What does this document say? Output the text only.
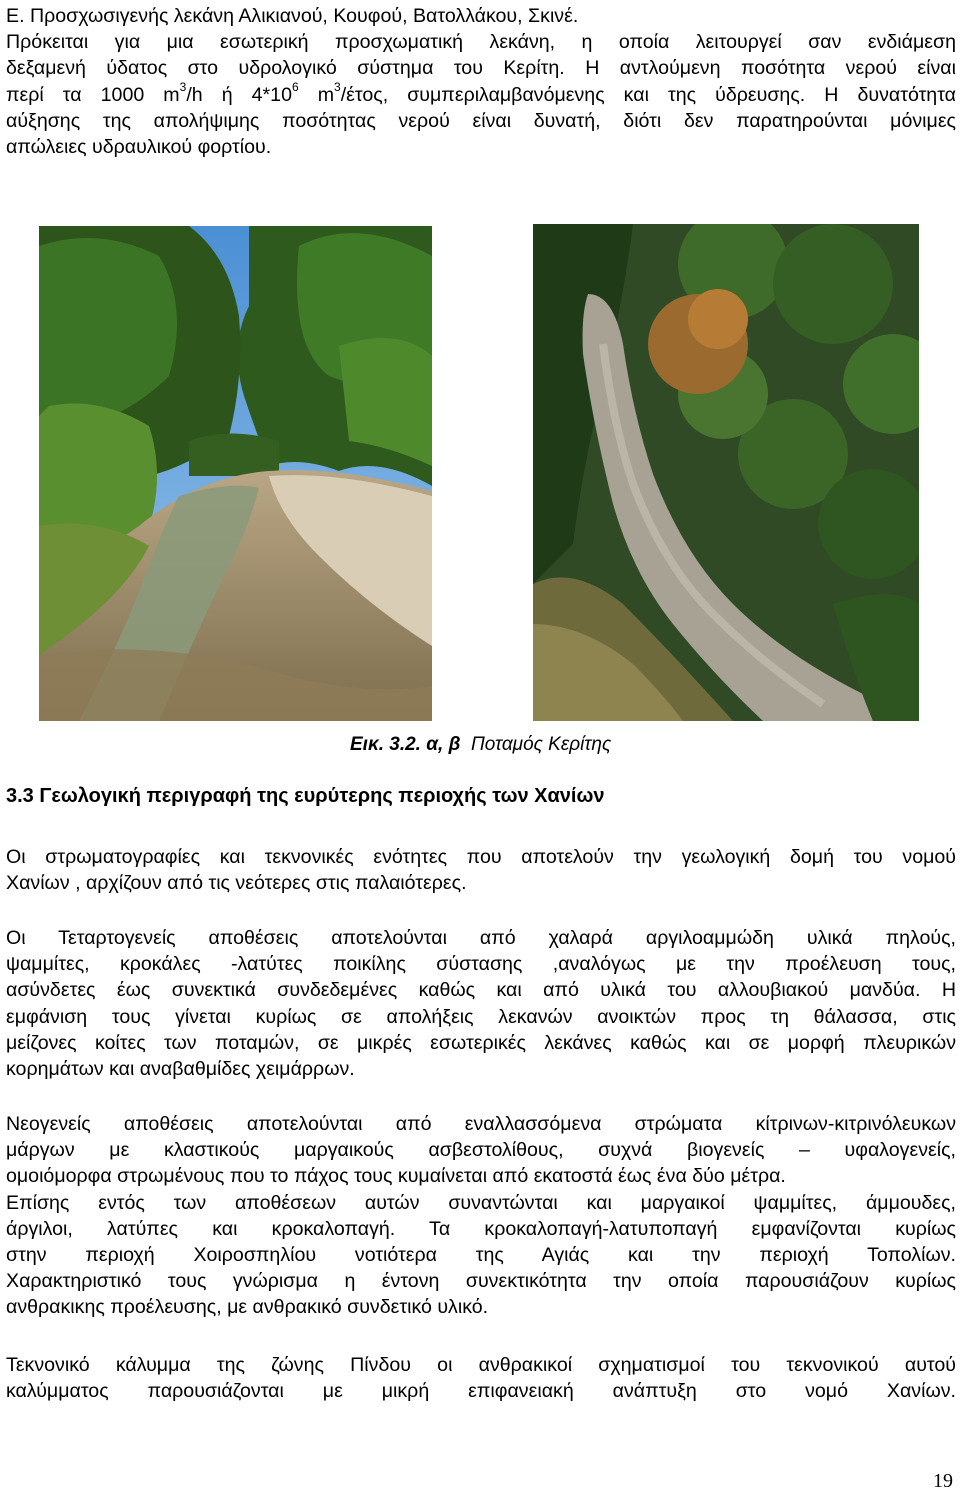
Ε. Προσχωσιγενής λεκάνη Αλικιανού, Κουφού, Βατολλάκου, Σκινέ.
Πρόκειται για μια εσωτερική προσχωματική λεκάνη, η οποία λειτουργεί σαν ενδιάμεση
δεξαμενή ύδατος στο υδρολογικό σύστημα του Κερίτη. Η αντλούμενη ποσότητα νερού είναι
περί τα 1000 $m^3/h$ ή $4*10^6$ $m^3$/έτος, συμπεριλαμβανόμενης και της ύδρευσης. Η δυνατότητα
αύξησης της απολήψιμης ποσότητας νερού είναι δυνατή, διότι δεν παρατηρούνται μόνιμες
απώλειες υδραυλικού φορτίου.
Εικ. 3.2. α, β Ποταμός Κερίτης
3.3 Γεωλογική περιγραφή της ευρύτερης περιοχής των Χανίων
Οι στρωματογραφίες και τεκνονικές ενότητες που αποτελούν την γεωλογική δομή του νομού
Χανίων , αρχίζουν από τις νεότερες στις παλαιότερες.
Οι Τεταρτογενείς αποθέσεις αποτελούνται από χαλαρά αργιλοαμμώδη υλικά πηλούς,
ψαμμίτες, κροκάλες -λατύτες ποικίλης σύστασης ,αναλόγως με την προέλευση τους,
ασύνδετες έως συνεκτικά συνδεδεμένες καθώς και από υλικά του αλλουβιακού μανδύα. Η
εμφάνιση τους γίνεται κυρίως σε απολήξεις λεκανών ανοικτών προς τη θάλασσα, στις
μείζονες κοίτες των ποταμών, σε μικρές εσωτερικές λεκάνες καθώς και σε μορφή πλευρικών
κορημάτων και αναβαθμίδες χειμάρρων.
Νεογενείς αποθέσεις αποτελούνται από εναλλασσόμενα στρώματα κίτρινων-κιτρινόλευκων
μάργων με κλαστικούς μαργαικούς ασβεστολίθους, συχνά βιογενείς – υφαλογενείς,
ομοιόμορφα στρωμένους που το πάχος τους κυμαίνεται από εκατοστά έως ένα δύο μέτρα.
Επίσης εντός των αποθέσεων αυτών συναντώνται και μαργαικοί ψαμμίτες, άμμουδες,
άργιλοι, λατύπες και κροκαλοπαγή. Τα κροκαλοπαγή-λατυποπαγή εμφανίζονται κυρίως
στην περιοχή Χοιροσπηλίου νοτιότερα της Αγιάς και την περιοχή Τοπολίων.
Χαρακτηριστικό τους γνώρισμα η έντονη συνεκτικότητα την οποία παρουσιάζουν κυρίως
ανθρακικης προέλευσης, με ανθρακικό συνδετικό υλικό.
Τεκνονικό κάλυμμα της ζώνης Πίνδου οι ανθρακικοί σχηματισμοί του τεκνονικού αυτού
καλύμματος παρουσιάζονται με μικρή επιφανειακή ανάπτυξη στο νομό Χανίων.
19
